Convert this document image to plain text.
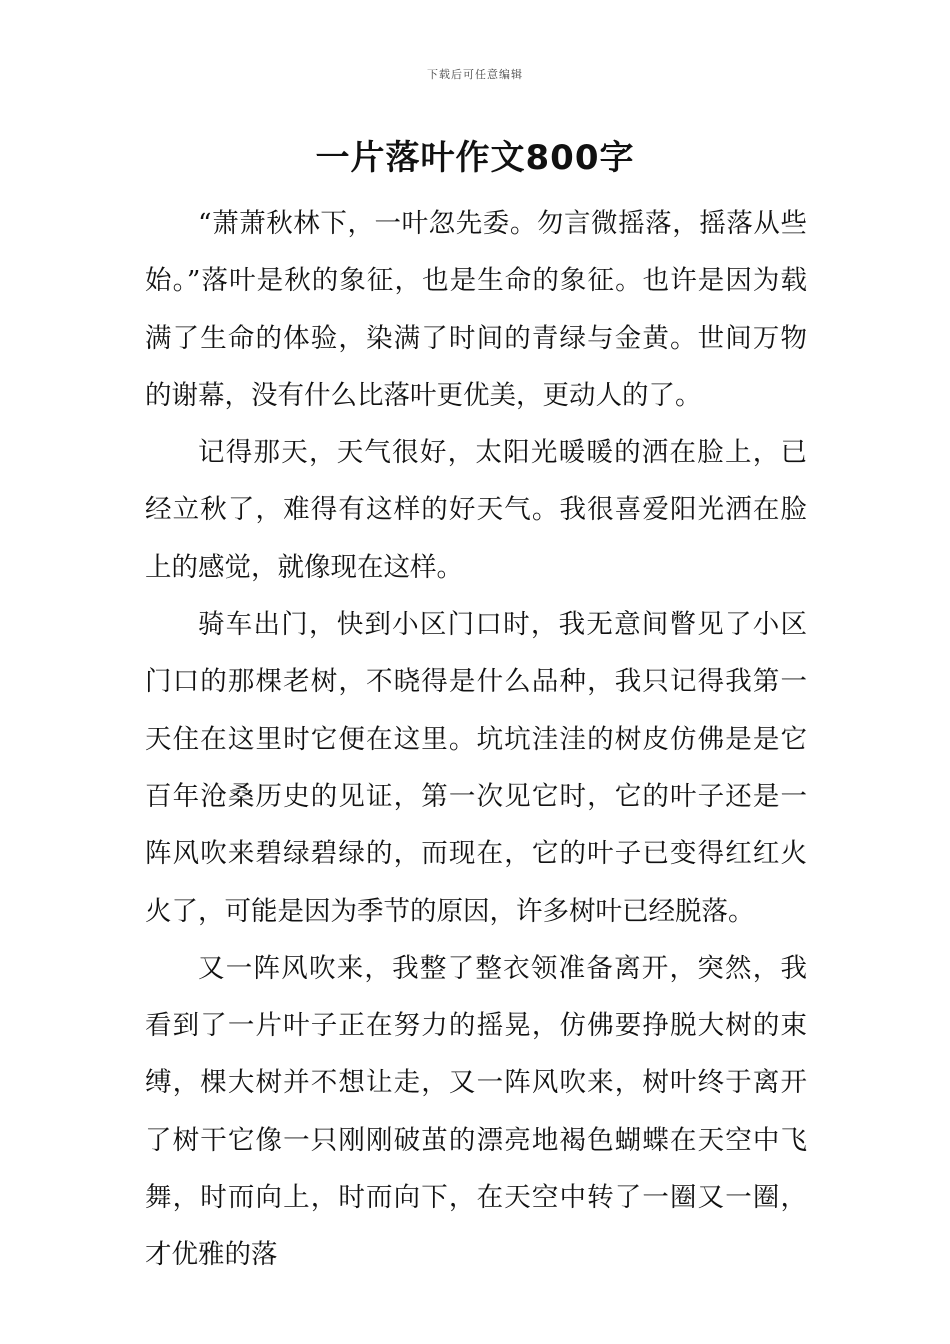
下载后可任意编辑
一片落叶作文800字

“萧萧秋林下，一叶忽先委。勿言微摇落，摇落从些始。”落叶是秋的象征，也是生命的象征。也许是因为载满了生命的体验，染满了时间的青绿与金黄。世间万物的谢幕，没有什么比落叶更优美，更动人的了。

记得那天，天气很好，太阳光暖暖的洒在脸上，已经立秋了，难得有这样的好天气。我很喜爱阳光洒在脸上的感觉，就像现在这样。

骑车出门，快到小区门口时，我无意间瞥见了小区门口的那棵老树，不晓得是什么品种，我只记得我第一天住在这里时它便在这里。坑坑洼洼的树皮仿佛是是它百年沧桑历史的见证，第一次见它时，它的叶子还是一阵风吹来碧绿碧绿的，而现在，它的叶子已变得红红火火了，可能是因为季节的原因，许多树叶已经脱落。

又一阵风吹来，我整了整衣领准备离开，突然，我看到了一片叶子正在努力的摇晃，仿佛要挣脱大树的束缚，棵大树并不想让走，又一阵风吹来，树叶终于离开了树干它像一只刚刚破茧的漂亮地褐色蝴蝶在天空中飞舞，时而向上，时而向下，在天空中转了一圈又一圈，才优雅的落
